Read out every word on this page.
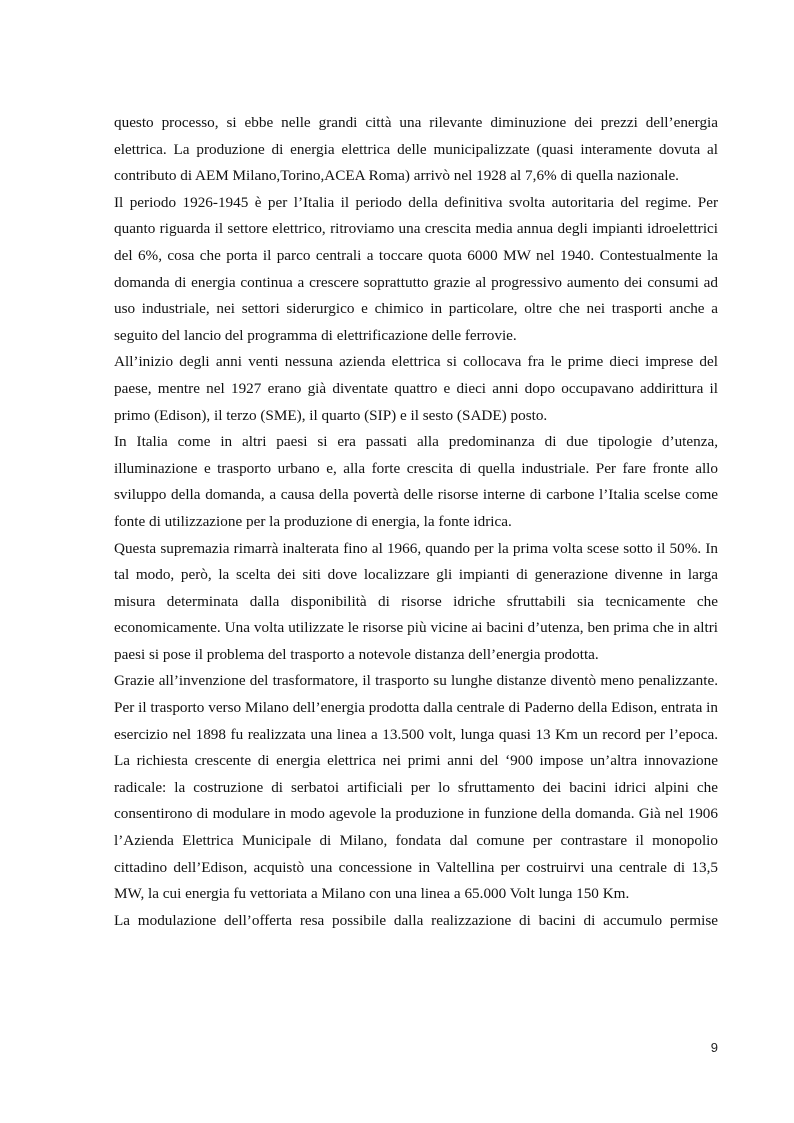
questo processo, si ebbe nelle grandi città una rilevante diminuzione dei prezzi dell’energia elettrica. La produzione di energia elettrica delle municipalizzate (quasi interamente dovuta al contributo di AEM Milano,Torino,ACEA Roma) arrivò nel 1928 al 7,6% di quella nazionale.

Il periodo 1926-1945 è per l’Italia il periodo della definitiva svolta autoritaria del regime. Per quanto riguarda il settore elettrico, ritroviamo una crescita media annua degli impianti idroelettrici del 6%, cosa che porta il parco centrali a toccare quota 6000 MW nel 1940. Contestualmente la domanda di energia continua a crescere soprattutto grazie al progressivo aumento dei consumi ad uso industriale, nei settori siderurgico e chimico in particolare, oltre che nei trasporti anche a seguito del lancio del programma di elettrificazione delle ferrovie.

All’inizio degli anni venti nessuna azienda elettrica si collocava fra le prime dieci imprese del paese, mentre nel 1927 erano già diventate quattro e dieci anni dopo occupavano addirittura il primo (Edison), il terzo (SME), il quarto (SIP) e il sesto (SADE) posto.

In Italia come in altri paesi si era passati alla predominanza di due tipologie d’utenza, illuminazione e trasporto urbano e, alla forte crescita di quella industriale. Per fare fronte allo sviluppo della domanda, a causa della povertà delle risorse interne di carbone l’Italia scelse come fonte di utilizzazione per la produzione di energia, la fonte idrica.

Questa supremazia rimarrà inalterata fino al 1966, quando per la prima volta scese sotto il 50%. In tal modo, però, la scelta dei siti dove localizzare gli impianti di generazione divenne in larga misura determinata dalla disponibilità di risorse idriche sfruttabili sia tecnicamente che economicamente. Una volta utilizzate le risorse più vicine ai bacini d’utenza, ben prima che in altri paesi si pose il problema del trasporto a notevole distanza dell’energia prodotta.

Grazie all’invenzione del trasformatore, il trasporto su lunghe distanze diventò meno penalizzante. Per il trasporto verso Milano dell’energia prodotta dalla centrale di Paderno della Edison, entrata in esercizio nel 1898 fu realizzata una linea a 13.500 volt, lunga quasi 13 Km un record per l’epoca. La richiesta crescente di energia elettrica nei primi anni del ‘900 impose un’altra innovazione radicale: la costruzione di serbatoi artificiali per lo sfruttamento dei bacini idrici alpini che consentirono di modulare in modo agevole la produzione in funzione della domanda. Già nel 1906 l’Azienda Elettrica Municipale di Milano, fondata dal comune per contrastare il monopolio cittadino dell’Edison, acquistò una concessione in Valtellina per costruirvi una centrale di 13,5 MW, la cui energia fu vettoriata a Milano con una linea a 65.000 Volt lunga 150 Km.

La modulazione dell’offerta resa possibile dalla realizzazione di bacini di accumulo permise

9
